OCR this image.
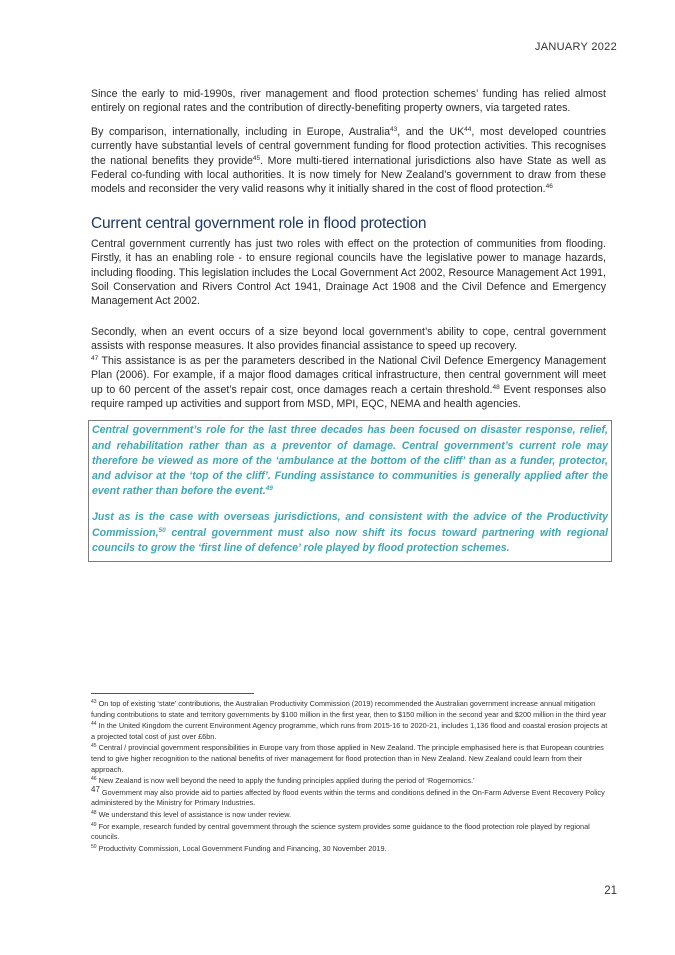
JANUARY 2022

Since the early to mid-1990s, river management and flood protection schemes’ funding has relied almost entirely on regional rates and the contribution of directly-benefiting property owners, via targeted rates.

By comparison, internationally, including in Europe, Australia$^{43}$, and the UK$^{44}$, most developed countries currently have substantial levels of central government funding for flood protection activities. This recognises the national benefits they provide$^{45}$. More multi-tiered international jurisdictions also have State as well as Federal co-funding with local authorities. It is now timely for New Zealand’s government to draw from these models and reconsider the very valid reasons why it initially shared in the cost of flood protection.$^{46}$

Current central government role in flood protection

Central government currently has just two roles with effect on the protection of communities from flooding. Firstly, it has an enabling role - to ensure regional councils have the legislative power to manage hazards, including flooding. This legislation includes the Local Government Act 2002, Resource Management Act 1991, Soil Conservation and Rivers Control Act 1941, Drainage Act 1908 and the Civil Defence and Emergency Management Act 2002.

Secondly, when an event occurs of a size beyond local government’s ability to cope, central government assists with response measures. It also provides financial assistance to speed up recovery.
$^{47}$ This assistance is as per the parameters described in the National Civil Defence Emergency Management Plan (2006). For example, if a major flood damages critical infrastructure, then central government will meet up to 60 percent of the asset’s repair cost, once damages reach a certain threshold.$^{48}$ Event responses also require ramped up activities and support from MSD, MPI, EQC, NEMA and health agencies.

Central government’s role for the last three decades has been focused on disaster response, relief, and rehabilitation rather than as a preventor of damage. Central government’s current role may therefore be viewed as more of the ‘ambulance at the bottom of the cliff’ than as a funder, protector, and advisor at the ‘top of the cliff’. Funding assistance to communities is generally applied after the event rather than before the event.$^{49}$

Just as is the case with overseas jurisdictions, and consistent with the advice of the Productivity Commission,$^{50}$ central government must also now shift its focus toward partnering with regional councils to grow the ‘first line of defence’ role played by flood protection schemes.

$^{43}$ On top of existing ‘state’ contributions, the Australian Productivity Commission (2019) recommended the Australian government increase annual mitigation funding contributions to state and territory governments by $100 million in the first year, then to $150 million in the second year and $200 million in the third year

$^{44}$ In the United Kingdom the current Environment Agency programme, which runs from 2015-16 to 2020-21, includes 1,136 flood and coastal erosion projects at a projected total cost of just over £6bn.

$^{45}$ Central / provincial government responsibilities in Europe vary from those applied in New Zealand. The principle emphasised here is that European countries tend to give higher recognition to the national benefits of river management for flood protection than in New Zealand. New Zealand could learn from their approach.

$^{46}$ New Zealand is now well beyond the need to apply the funding principles applied during the period of ‘Rogernomics.’

$^{47}$ Government may also provide aid to parties affected by flood events within the terms and conditions defined in the On-Farm Adverse Event Recovery Policy administered by the Ministry for Primary Industries.

$^{48}$ We understand this level of assistance is now under review.

$^{49}$ For example, research funded by central government through the science system provides some guidance to the flood protection role played by regional councils.

$^{50}$ Productivity Commission, Local Government Funding and Financing, 30 November 2019.

21
